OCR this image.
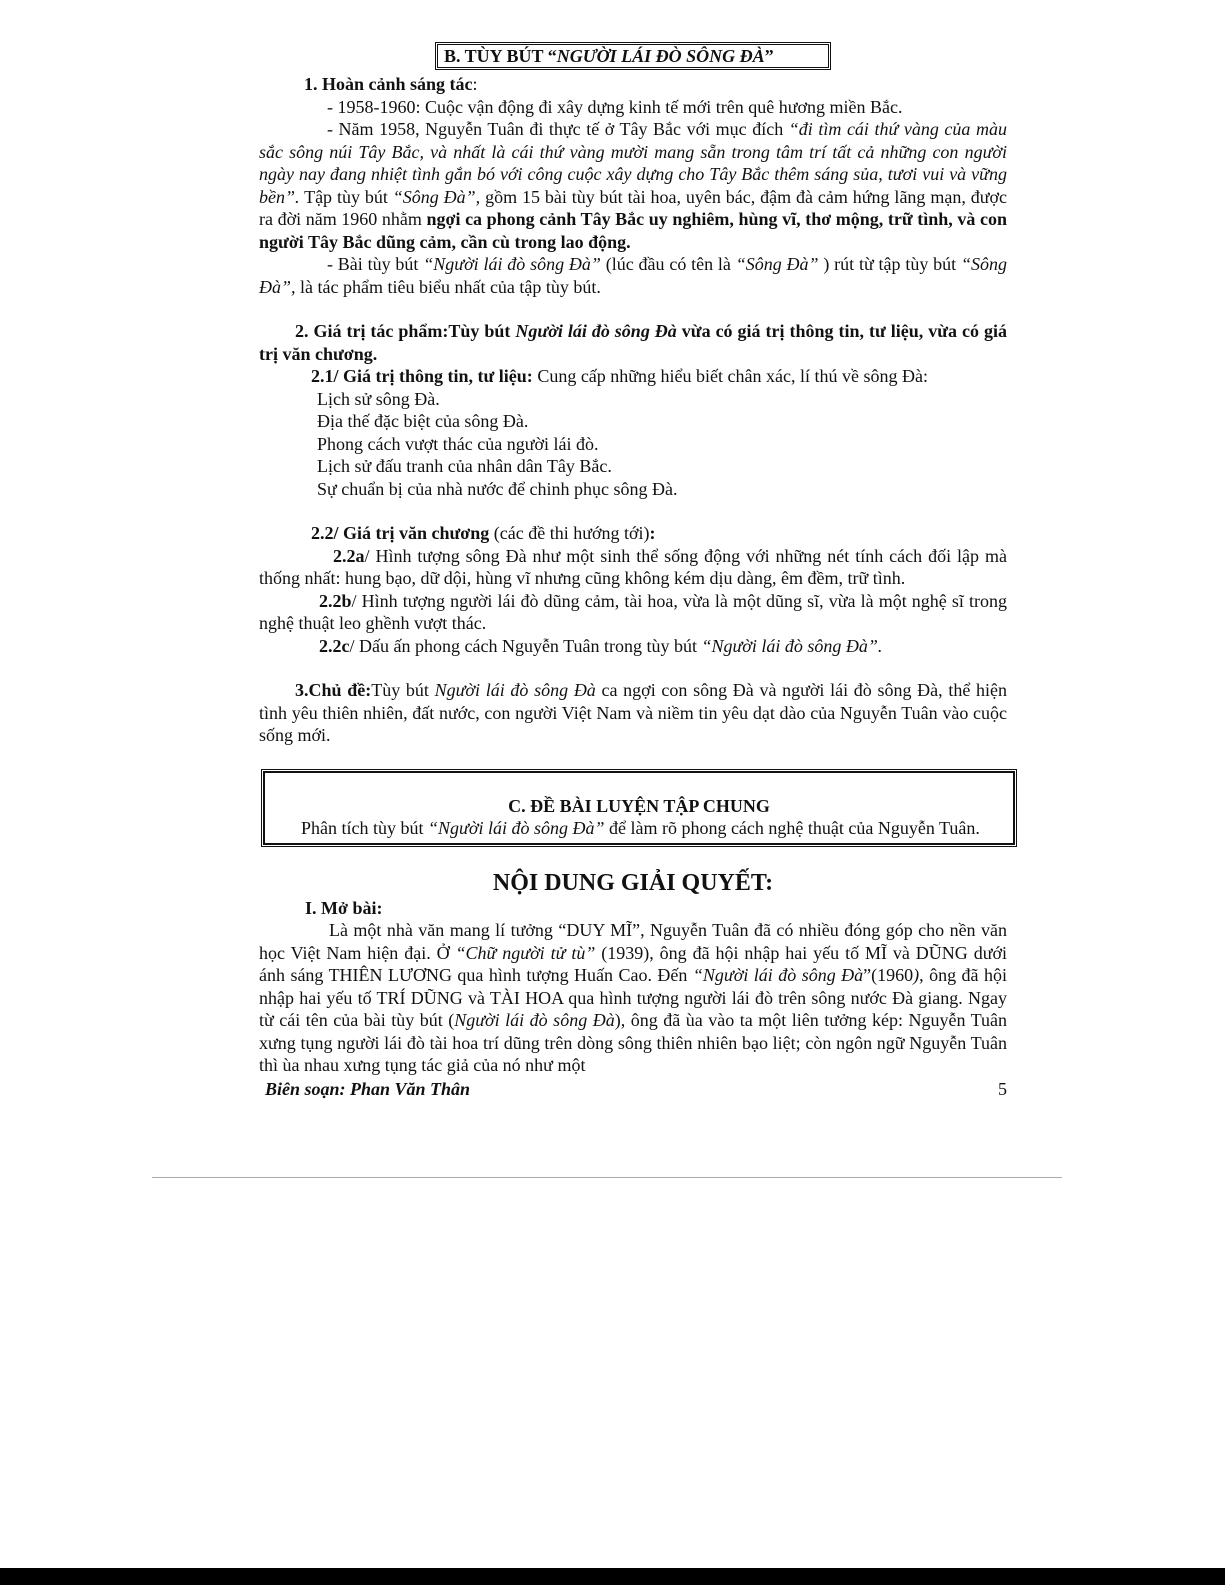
B. TÙY BÚT “NGƯỜI LÁI ĐÒ SÔNG ĐÀ”

1. Hoàn cảnh sáng tác:

- 1958-1960: Cuộc vận động đi xây dựng kinh tế mới trên quê hương miền Bắc.

- Năm 1958, Nguyễn Tuân đi thực tế ở Tây Bắc với mục đích “đi tìm cái thứ vàng của màu sắc sông núi Tây Bắc, và nhất là cái thứ vàng mười mang sẵn trong tâm trí tất cả những con người ngày nay đang nhiệt tình gắn bó với công cuộc xây dựng cho Tây Bắc thêm sáng sủa, tươi vui và vững bền”. Tập tùy bút “Sông Đà”, gồm 15 bài tùy bút tài hoa, uyên bác, đậm đà cảm hứng lãng mạn, được ra đời năm 1960 nhằm ngợi ca phong cảnh Tây Bắc uy nghiêm, hùng vĩ, thơ mộng, trữ tình, và con người Tây Bắc dũng cảm, cần cù trong lao động.

- Bài tùy bút “Người lái đò sông Đà” (lúc đầu có tên là “Sông Đà” ) rút từ tập tùy bút “Sông Đà”, là tác phẩm tiêu biểu nhất của tập tùy bút.

2. Giá trị tác phẩm:Tùy bút Người lái đò sông Đà vừa có giá trị thông tin, tư liệu, vừa có giá trị văn chương.

2.1/ Giá trị thông tin, tư liệu: Cung cấp những hiểu biết chân xác, lí thú về sông Đà:

Lịch sử sông Đà.
Địa thế đặc biệt của sông Đà.
Phong cách vượt thác của người lái đò.
Lịch sử đấu tranh của nhân dân Tây Bắc.
Sự chuẩn bị của nhà nước để chinh phục sông Đà.

2.2/ Giá trị văn chương (các đề thi hướng tới):

2.2a/ Hình tượng sông Đà như một sinh thể sống động với những nét tính cách đối lập mà thống nhất: hung bạo, dữ dội, hùng vĩ nhưng cũng không kém dịu dàng, êm đềm, trữ tình.

2.2b/ Hình tượng người lái đò dũng cảm, tài hoa, vừa là một dũng sĩ, vừa là một nghệ sĩ trong nghệ thuật leo ghềnh vượt thác.

2.2c/ Dấu ấn phong cách Nguyễn Tuân trong tùy bút “Người lái đò sông Đà”.

3.Chủ đề:Tùy bút Người lái đò sông Đà ca ngợi con sông Đà và người lái đò sông Đà, thể hiện tình yêu thiên nhiên, đất nước, con người Việt Nam và niềm tin yêu dạt dào của Nguyễn Tuân vào cuộc sống mới.

C. ĐỀ BÀI LUYỆN TẬP CHUNG

Phân tích tùy bút “Người lái đò sông Đà” để làm rõ phong cách nghệ thuật của Nguyễn Tuân.

NỘI DUNG GIẢI QUYẾT:

I. Mở bài:

Là một nhà văn mang lí tưởng “DUY MĨ”, Nguyễn Tuân đã có nhiều đóng góp cho nền văn học Việt Nam hiện đại. Ở “Chữ người tử tù” (1939), ông đã hội nhập hai yếu tố MĨ và DŨNG dưới ánh sáng THIÊN LƯƠNG qua hình tượng Huấn Cao. Đến “Người lái đò sông Đà”(1960), ông đã hội nhập hai yếu tố TRÍ DŨNG và TÀI HOA qua hình tượng người lái đò trên sông nước Đà giang. Ngay từ cái tên của bài tùy bút (Người lái đò sông Đà), ông đã ùa vào ta một liên tưởng kép: Nguyễn Tuân xưng tụng người lái đò tài hoa trí dũng trên dòng sông thiên nhiên bạo liệt; còn ngôn ngữ Nguyễn Tuân thì ùa nhau xưng tụng tác giả của nó như một

Biên soạn: Phan Văn Thân	5
